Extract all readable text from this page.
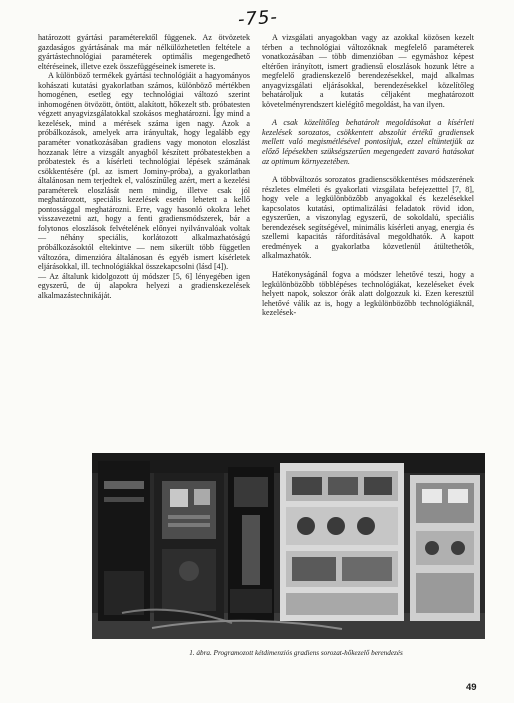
-75-

határozott gyártási paraméterektől függenek. Az ötvözetek gazdaságos gyártásának ma már nélkülözhetetlen feltétele a gyártástechnológiai paraméterek optimális megengedhető eltéréseinek, illetve ezek összefüggéseinek ismerete is.

A különböző termékek gyártási technológiáit a hagyományos kohászati kutatási gyakorlatban számos, különböző mértékben homogénen, esetleg egy technológiai változó szerint inhomogénen ötvözött, öntött, alakított, hőkezelt stb. próbatesten végzett anyagvizsgálatokkal szokásos meghatározni. Így mind a kezelések, mind a mérések száma igen nagy. Azok a próbálkozások, amelyek arra irányultak, hogy legalább egy paraméter vonatkozásában gradiens vagy monoton eloszlást hozzanak létre a vizsgált anyagból készített próbatestekben a próbatestek és a kísérleti technológiai lépések számának csökkentésére (pl. az ismert Jominy-próba), a gyakorlatban általánosan nem terjedtek el, valószínűleg azért, mert a kezelési paraméterek eloszlását nem mindig, illetve csak jól meghatározott, speciális kezelések esetén lehetett a kellő pontossággal meghatározni. Erre, vagy hasonló okokra lehet visszavezetni azt, hogy a fenti gradiensmódszerek, bár a folytonos eloszlások felvételének előnyei nyilvánvalóak voltak — néhány speciális, korlátozott alkalmazhatóságú próbálkozásoktól eltekintve — nem sikerült több független változóra, dimenzióra általánosan és egyéb ismert kísérletek eljárásokkal, ill. technológiákkal összekapcsolni (lásd [4]).

— Az általunk kidolgozott új módszer [5, 6] lényegében igen egyszerű, de új alapokra helyezi a gradienskezelések alkalmazástechnikáját.

A vizsgálati anyagokban vagy az azokkal közösen kezelt térben a technológiai változóknak megfelelő paraméterek vonatkozásában — több dimenzióban — egymáshoz képest eltérően irányított, ismert gradiensű eloszlások hozunk létre a megfelelő gradienskezelő berendezésekkel, majd alkalmas anyagvizsgálati eljárásokkal, berendezésekkel közelítőleg behatároljuk a kutatás céljaként meghatározott követelményrendszert kielégítő megoldást, ha van ilyen.

A csak közelítőleg behatárolt megoldásokat a kísérleti kezelések sorozatos, csökkentett abszolút értékű gradiensek mellett való megismétlésével pontosítjuk, ezzel eltüntetjük az előző lépésekben szükségszerűen megengedett zavaró hatásokat az optimum környezetében.

A többváltozós sorozatos gradienscsökkentéses módszerének részletes elméleti és gyakorlati vizsgálata befejezetttel [7, 8], hogy vele a legkülönbözőbb anyagokkal és kezelésekkel kapcsolatos kutatási, optimalizálási feladatok rövid idon, egyszerűen, a viszonylag egyszerű, de sokoldalú, speciális berendezések segítségével, minimális kísérleti anyag, energia és szellemi kapacitás ráfordításával megoldhatók. A kapott eredmények a gyakorlatba közvetlenül átültethetők, alkalmazhatók.

Hatékonyságánál fogva a módszer lehetővé teszi, hogy a legkülönbözőbb többlépéses technológiákat, kezeléseket évek helyett napok, sokszor órák alatt dolgozzuk ki. Ezen keresztül lehetővé válik az is, hogy a legkülönbözőbb technológiáknál, kezelések-

1. ábra. Programozott kétdimenziós gradiens sorozat-hőkezelő berendezés
49
